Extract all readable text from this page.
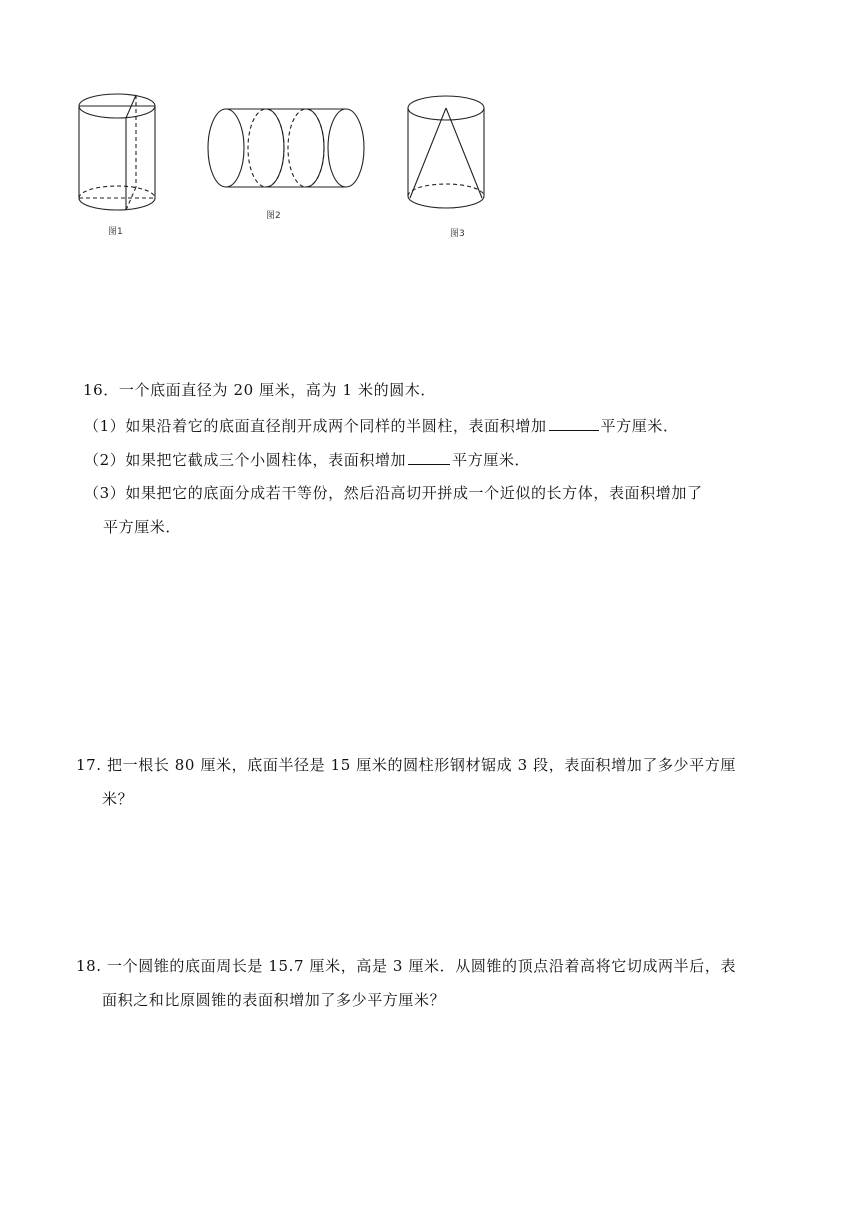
图1
图2
图3
16．一个底面直径为 20 厘米，高为 1 米的圆木．
（1）如果沿着它的底面直径削开成两个同样的半圆柱，表面积增加	平方厘米．
（2）如果把它截成三个小圆柱体，表面积增加	平方厘米．
（3）如果把它的底面分成若干等份，然后沿高切开拼成一个近似的长方体，表面积增加了
平方厘米．
17. 把一根长 80 厘米，底面半径是 15 厘米的圆柱形钢材锯成 3 段，表面积增加了多少平方厘
米？
18. 一个圆锥的底面周长是 15.7 厘米，高是 3 厘米．从圆锥的顶点沿着高将它切成两半后，表
面积之和比原圆锥的表面积增加了多少平方厘米？
